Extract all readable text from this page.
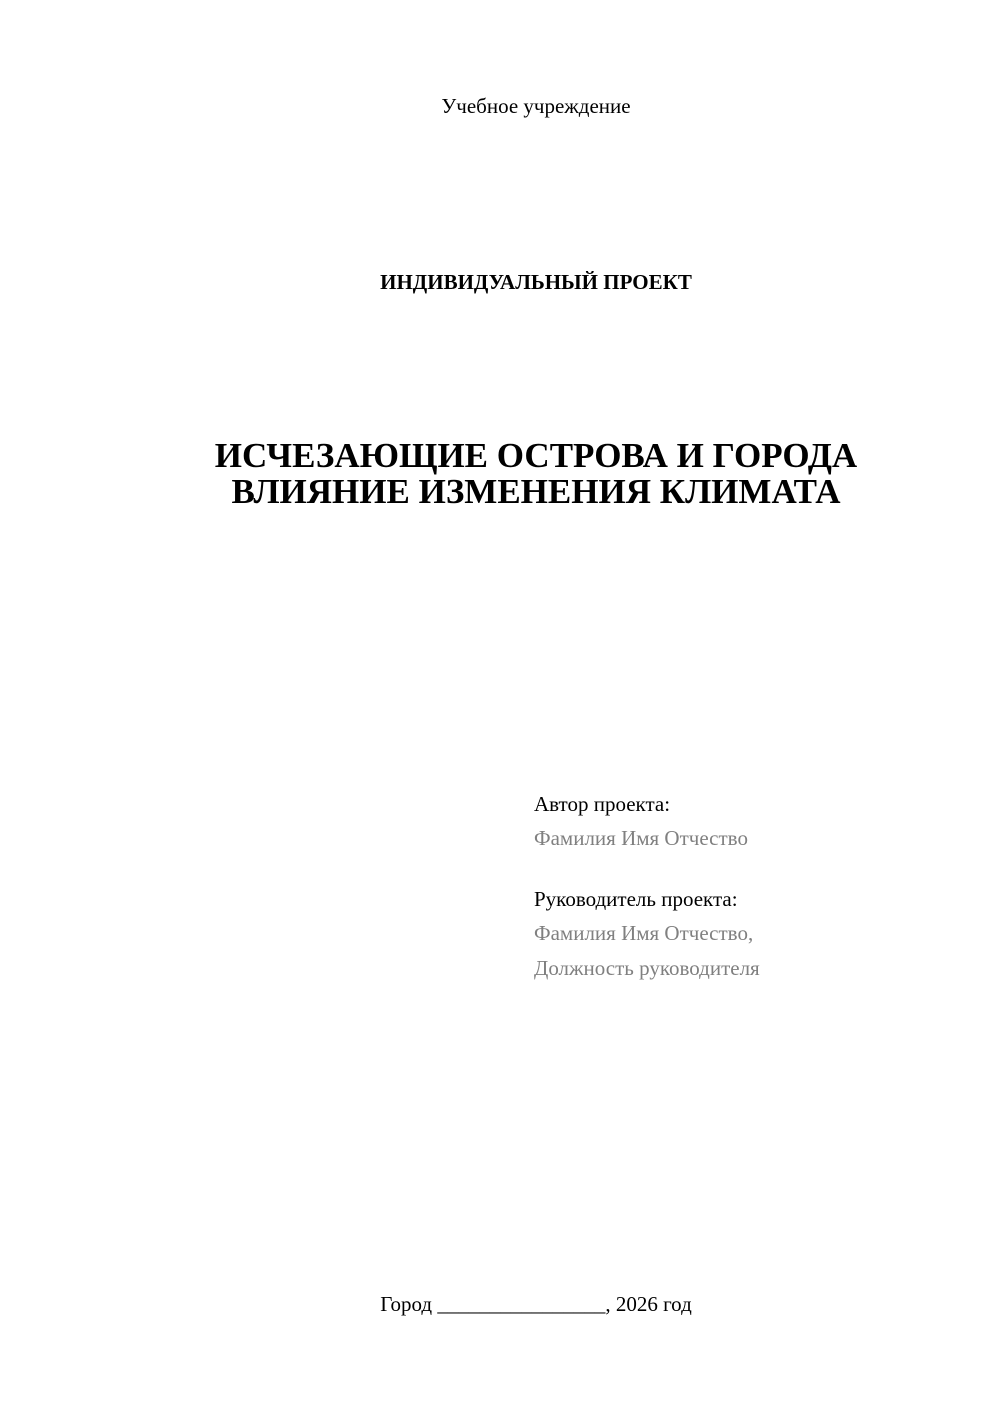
Учебное учреждение
ИНДИВИДУАЛЬНЫЙ ПРОЕКТ
ИСЧЕЗАЮЩИЕ ОСТРОВА И ГОРОДА
ВЛИЯНИЕ ИЗМЕНЕНИЯ КЛИМАТА
Автор проекта:
Фамилия Имя Отчество
Руководитель проекта:
Фамилия Имя Отчество,
Должность руководителя
Город ________________, 2026 год
